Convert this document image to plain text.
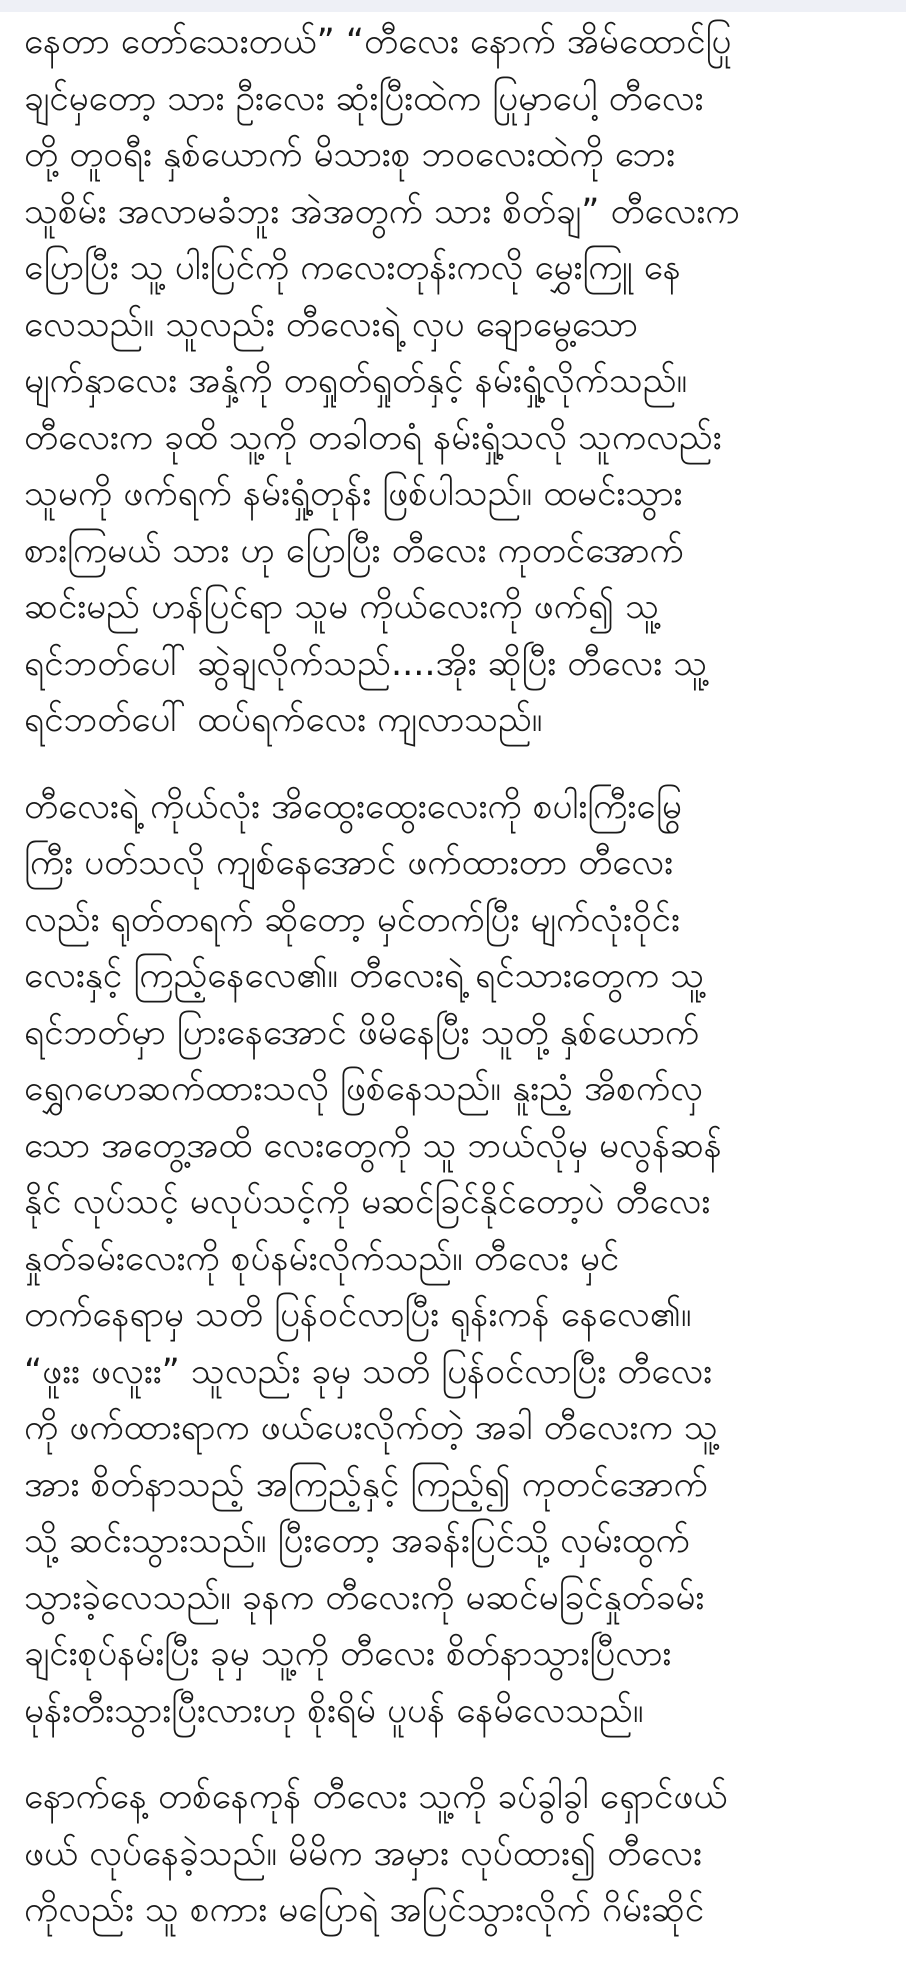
နေတာ တော်သေးတယ်” “တီလေး နောက် အိမ်ထောင်ပြု
ချင်မှတော့ သား ဦးလေး ဆုံးပြီးထဲက ပြုမှာပေါ့ တီလေး
တို့ တူဝရီး နှစ်ယောက် မိသားစု ဘဝလေးထဲကို ဘေး
သူစိမ်း အလာမခံဘူး အဲအတွက် သား စိတ်ချ” တီလေးက
ပြောပြီး သူ့ ပါးပြင်ကို ကလေးတုန်းကလို မွှေးကြူ နေ
လေသည်။ သူလည်း တီလေးရဲ့ လှပ ချောမွေ့သော
မျက်နှာလေး အနှံ့ကို တရှုတ်ရှုတ်နှင့် နမ်းရှုံ့လိုက်သည်။
တီလေးက ခုထိ သူ့ကို တခါတရံ နမ်းရှုံ့သလို သူကလည်း
သူမကို ဖက်ရက် နမ်းရှုံ့တုန်း ဖြစ်ပါသည်။ ထမင်းသွား
စားကြမယ် သား ဟု ပြောပြီး တီလေး ကုတင်အောက်
ဆင်းမည် ဟန်ပြင်ရာ သူမ ကိုယ်လေးကို ဖက်၍ သူ့
ရင်ဘတ်ပေါ် ဆွဲချလိုက်သည်....အိုး ဆိုပြီး တီလေး သူ့
ရင်ဘတ်ပေါ် ထပ်ရက်လေး ကျလာသည်။
တီလေးရဲ့ ကိုယ်လုံး အိထွေးထွေးလေးကို စပါးကြီးမြွေ
ကြီး ပတ်သလို ကျစ်နေအောင် ဖက်ထားတာ တီလေး
လည်း ရုတ်တရက် ဆိုတော့ မှင်တက်ပြီး မျက်လုံးဝိုင်း
လေးနှင့် ကြည့်နေလေ၏။ တီလေးရဲ့ ရင်သားတွေက သူ့
ရင်ဘတ်မှာ ပြားနေအောင် ဖိမိနေပြီး သူတို့ နှစ်ယောက်
ရွှေဂဟေဆက်ထားသလို ဖြစ်နေသည်။ နူးညံ့ အိစက်လှ
သော အတွေ့အထိ လေးတွေကို သူ ဘယ်လိုမှ မလွန်ဆန်
နိုင် လုပ်သင့် မလုပ်သင့်ကို မဆင်ခြင်နိုင်တော့ပဲ တီလေး
နှုတ်ခမ်းလေးကို စုပ်နမ်းလိုက်သည်။ တီလေး မှင်
တက်နေရာမှ သတိ ပြန်ဝင်လာပြီး ရုန်းကန် နေလေ၏။
“ဖူးး ဖလူးး” သူလည်း ခုမှ သတိ ပြန်ဝင်လာပြီး တီလေး
ကို ဖက်ထားရာက ဖယ်ပေးလိုက်တဲ့ အခါ တီလေးက သူ့
အား စိတ်နာသည့် အကြည့်နှင့် ကြည့်၍ ကုတင်အောက်
သို့ ဆင်းသွားသည်။ ပြီးတော့ အခန်းပြင်သို့ လှမ်းထွက်
သွားခဲ့လေသည်။ ခုနက တီလေးကို မဆင်မခြင်နှုတ်ခမ်း
ချင်းစုပ်နမ်းပြီး ခုမှ သူ့ကို တီလေး စိတ်နာသွားပြီလား
မုန်းတီးသွားပြီးလားဟု စိုးရိမ် ပူပန် နေမိလေသည်။
နောက်နေ့ တစ်နေကုန် တီလေး သူ့ကို ခပ်ခွါခွါ ရှောင်ဖယ်
ဖယ် လုပ်နေခဲ့သည်။ မိမိက အမှား လုပ်ထား၍ တီလေး
ကိုလည်း သူ စကား မပြောရဲ အပြင်သွားလိုက် ဂိမ်းဆိုင်
